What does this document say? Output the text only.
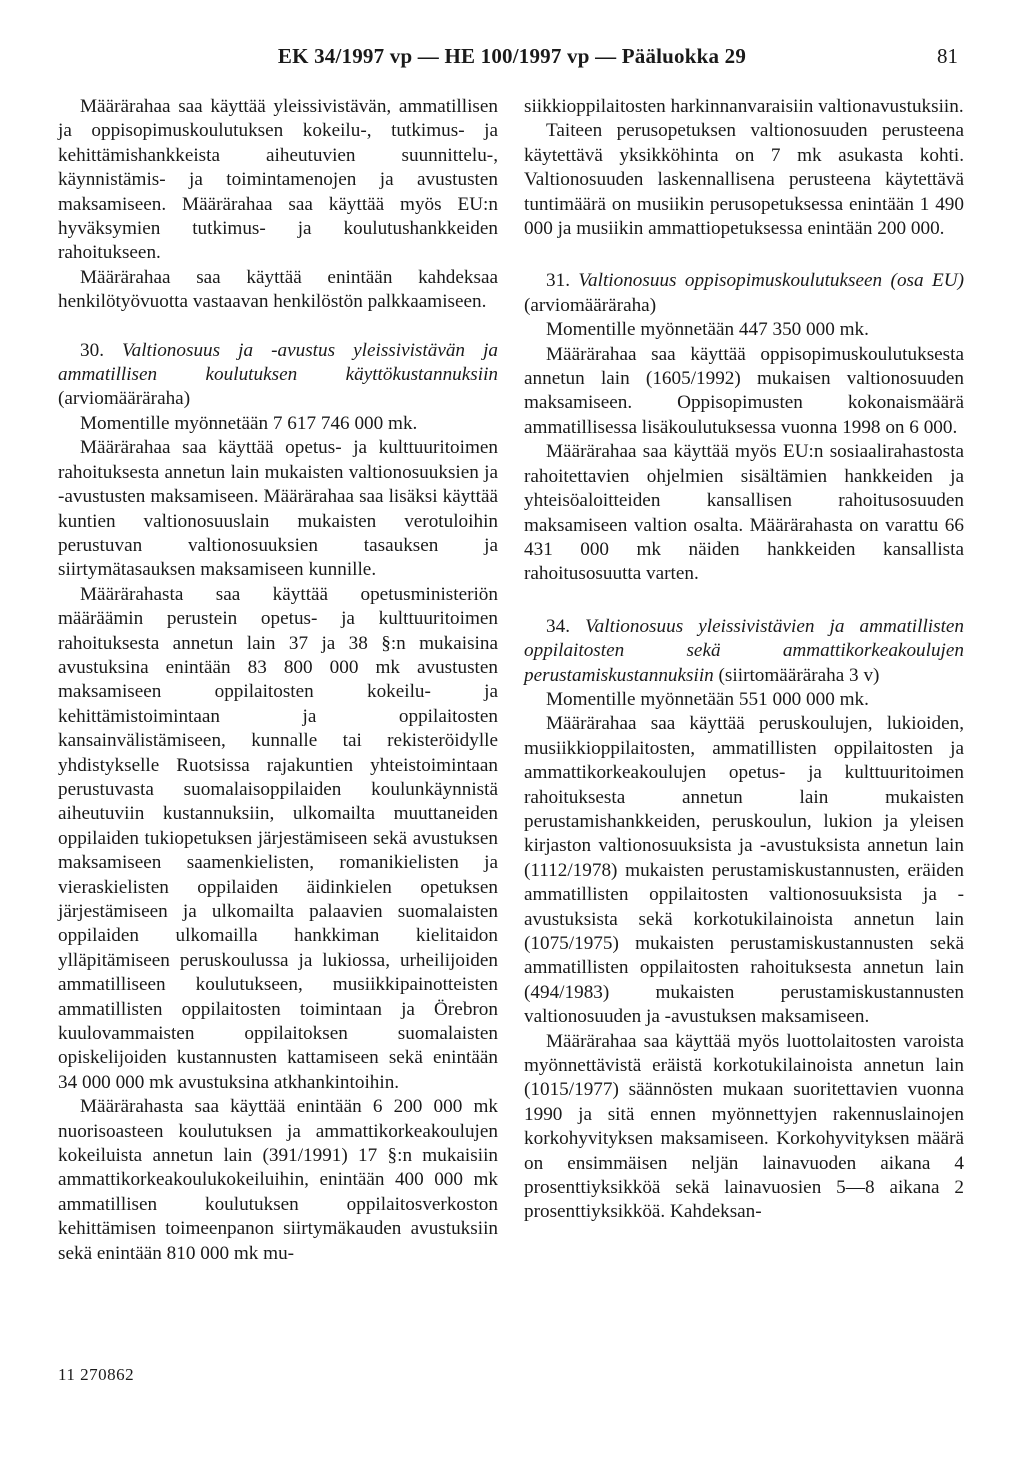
EK 34/1997 vp — HE 100/1997 vp — Pääluokka 29	81

Määrärahaa saa käyttää yleissivistävän, ammatillisen ja oppisopimuskoulutuksen kokeilu-, tutkimus- ja kehittämishankkeista aiheutuvien suunnittelu-, käynnistämis- ja toimintamenojen ja avustusten maksamiseen. Määrärahaa saa käyttää myös EU:n hyväksymien tutkimus- ja koulutushankkeiden rahoitukseen.

Määrärahaa saa käyttää enintään kahdeksaa henkilötyövuotta vastaavan henkilöstön palkkaamiseen.

30. Valtionosuus ja -avustus yleissivistävän ja ammatillisen koulutuksen käyttökustannuksiin (arviomääräraha)

Momentille myönnetään 7 617 746 000 mk.

Määrärahaa saa käyttää opetus- ja kulttuuritoimen rahoituksesta annetun lain mukaisten valtionosuuksien ja -avustusten maksamiseen. Määrärahaa saa lisäksi käyttää kuntien valtionosuuslain mukaisten verotuloihin perustuvan valtionosuuksien tasauksen ja siirtymätasauksen maksamiseen kunnille.

Määrärahasta saa käyttää opetusministeriön määräämin perustein opetus- ja kulttuuritoimen rahoituksesta annetun lain 37 ja 38 §:n mukaisina avustuksina enintään 83 800 000 mk avustusten maksamiseen oppilaitosten kokeilu- ja kehittämistoimintaan ja oppilaitosten kansainvälistämiseen, kunnalle tai rekisteröidylle yhdistykselle Ruotsissa rajakuntien yhteistoimintaan perustuvasta suomalaisoppilaiden koulunkäynnistä aiheutuviin kustannuksiin, ulkomailta muuttaneiden oppilaiden tukiopetuksen järjestämiseen sekä avustuksen maksamiseen saamenkielisten, romanikielisten ja vieraskielisten oppilaiden äidinkielen opetuksen järjestämiseen ja ulkomailta palaavien suomalaisten oppilaiden ulkomailla hankkiman kielitaidon ylläpitämiseen peruskoulussa ja lukiossa, urheilijoiden ammatilliseen koulutukseen, musiikkipainotteisten ammatillisten oppilaitosten toimintaan ja Örebron kuulovammaisten oppilaitoksen suomalaisten opiskelijoiden kustannusten kattamiseen sekä enintään 34 000 000 mk avustuksina atkhankintoihin.

Määrärahasta saa käyttää enintään 6 200 000 mk nuorisoasteen koulutuksen ja ammattikorkeakoulujen kokeiluista annetun lain (391/1991) 17 §:n mukaisiin ammattikorkeakoulukokeiluihin, enintään 400 000 mk ammatillisen koulutuksen oppilaitosverkoston kehittämisen toimeenpanon siirtymäkauden avustuksiin sekä enintään 810 000 mk mu-

siikkioppilaitosten harkinnanvaraisiin valtionavustuksiin.

Taiteen perusopetuksen valtionosuuden perusteena käytettävä yksikköhinta on 7 mk asukasta kohti. Valtionosuuden laskennallisena perusteena käytettävä tuntimäärä on musiikin perusopetuksessa enintään 1 490 000 ja musiikin ammattiopetuksessa enintään 200 000.

31. Valtionosuus oppisopimuskoulutukseen (osa EU) (arviomääräraha)

Momentille myönnetään 447 350 000 mk.

Määrärahaa saa käyttää oppisopimuskoulutuksesta annetun lain (1605/1992) mukaisen valtionosuuden maksamiseen. Oppisopimusten kokonaismäärä ammatillisessa lisäkoulutuksessa vuonna 1998 on 6 000.

Määrärahaa saa käyttää myös EU:n sosiaalirahastosta rahoitettavien ohjelmien sisältämien hankkeiden ja yhteisöaloitteiden kansallisen rahoitusosuuden maksamiseen valtion osalta. Määrärahasta on varattu 66 431 000 mk näiden hankkeiden kansallista rahoitusosuutta varten.

34. Valtionosuus yleissivistävien ja ammatillisten oppilaitosten sekä ammattikorkeakoulujen perustamiskustannuksiin (siirtomääräraha 3 v)

Momentille myönnetään 551 000 000 mk.

Määrärahaa saa käyttää peruskoulujen, lukioiden, musiikkioppilaitosten, ammatillisten oppilaitosten ja ammattikorkeakoulujen opetus- ja kulttuuritoimen rahoituksesta annetun lain mukaisten perustamishankkeiden, peruskoulun, lukion ja yleisen kirjaston valtionosuuksista ja -avustuksista annetun lain (1112/1978) mukaisten perustamiskustannusten, eräiden ammatillisten oppilaitosten valtionosuuksista ja -avustuksista sekä korkotukilainoista annetun lain (1075/1975) mukaisten perustamiskustannusten sekä ammatillisten oppilaitosten rahoituksesta annetun lain (494/1983) mukaisten perustamiskustannusten valtionosuuden ja -avustuksen maksamiseen.

Määrärahaa saa käyttää myös luottolaitosten varoista myönnettävistä eräistä korkotukilainoista annetun lain (1015/1977) säännösten mukaan suoritettavien vuonna 1990 ja sitä ennen myönnettyjen rakennuslainojen korkohyvityksen maksamiseen. Korkohyvityksen määrä on ensimmäisen neljän lainavuoden aikana 4 prosenttiyksikköä sekä lainavuosien 5—8 aikana 2 prosenttiyksikköä. Kahdeksan-

11 270862
